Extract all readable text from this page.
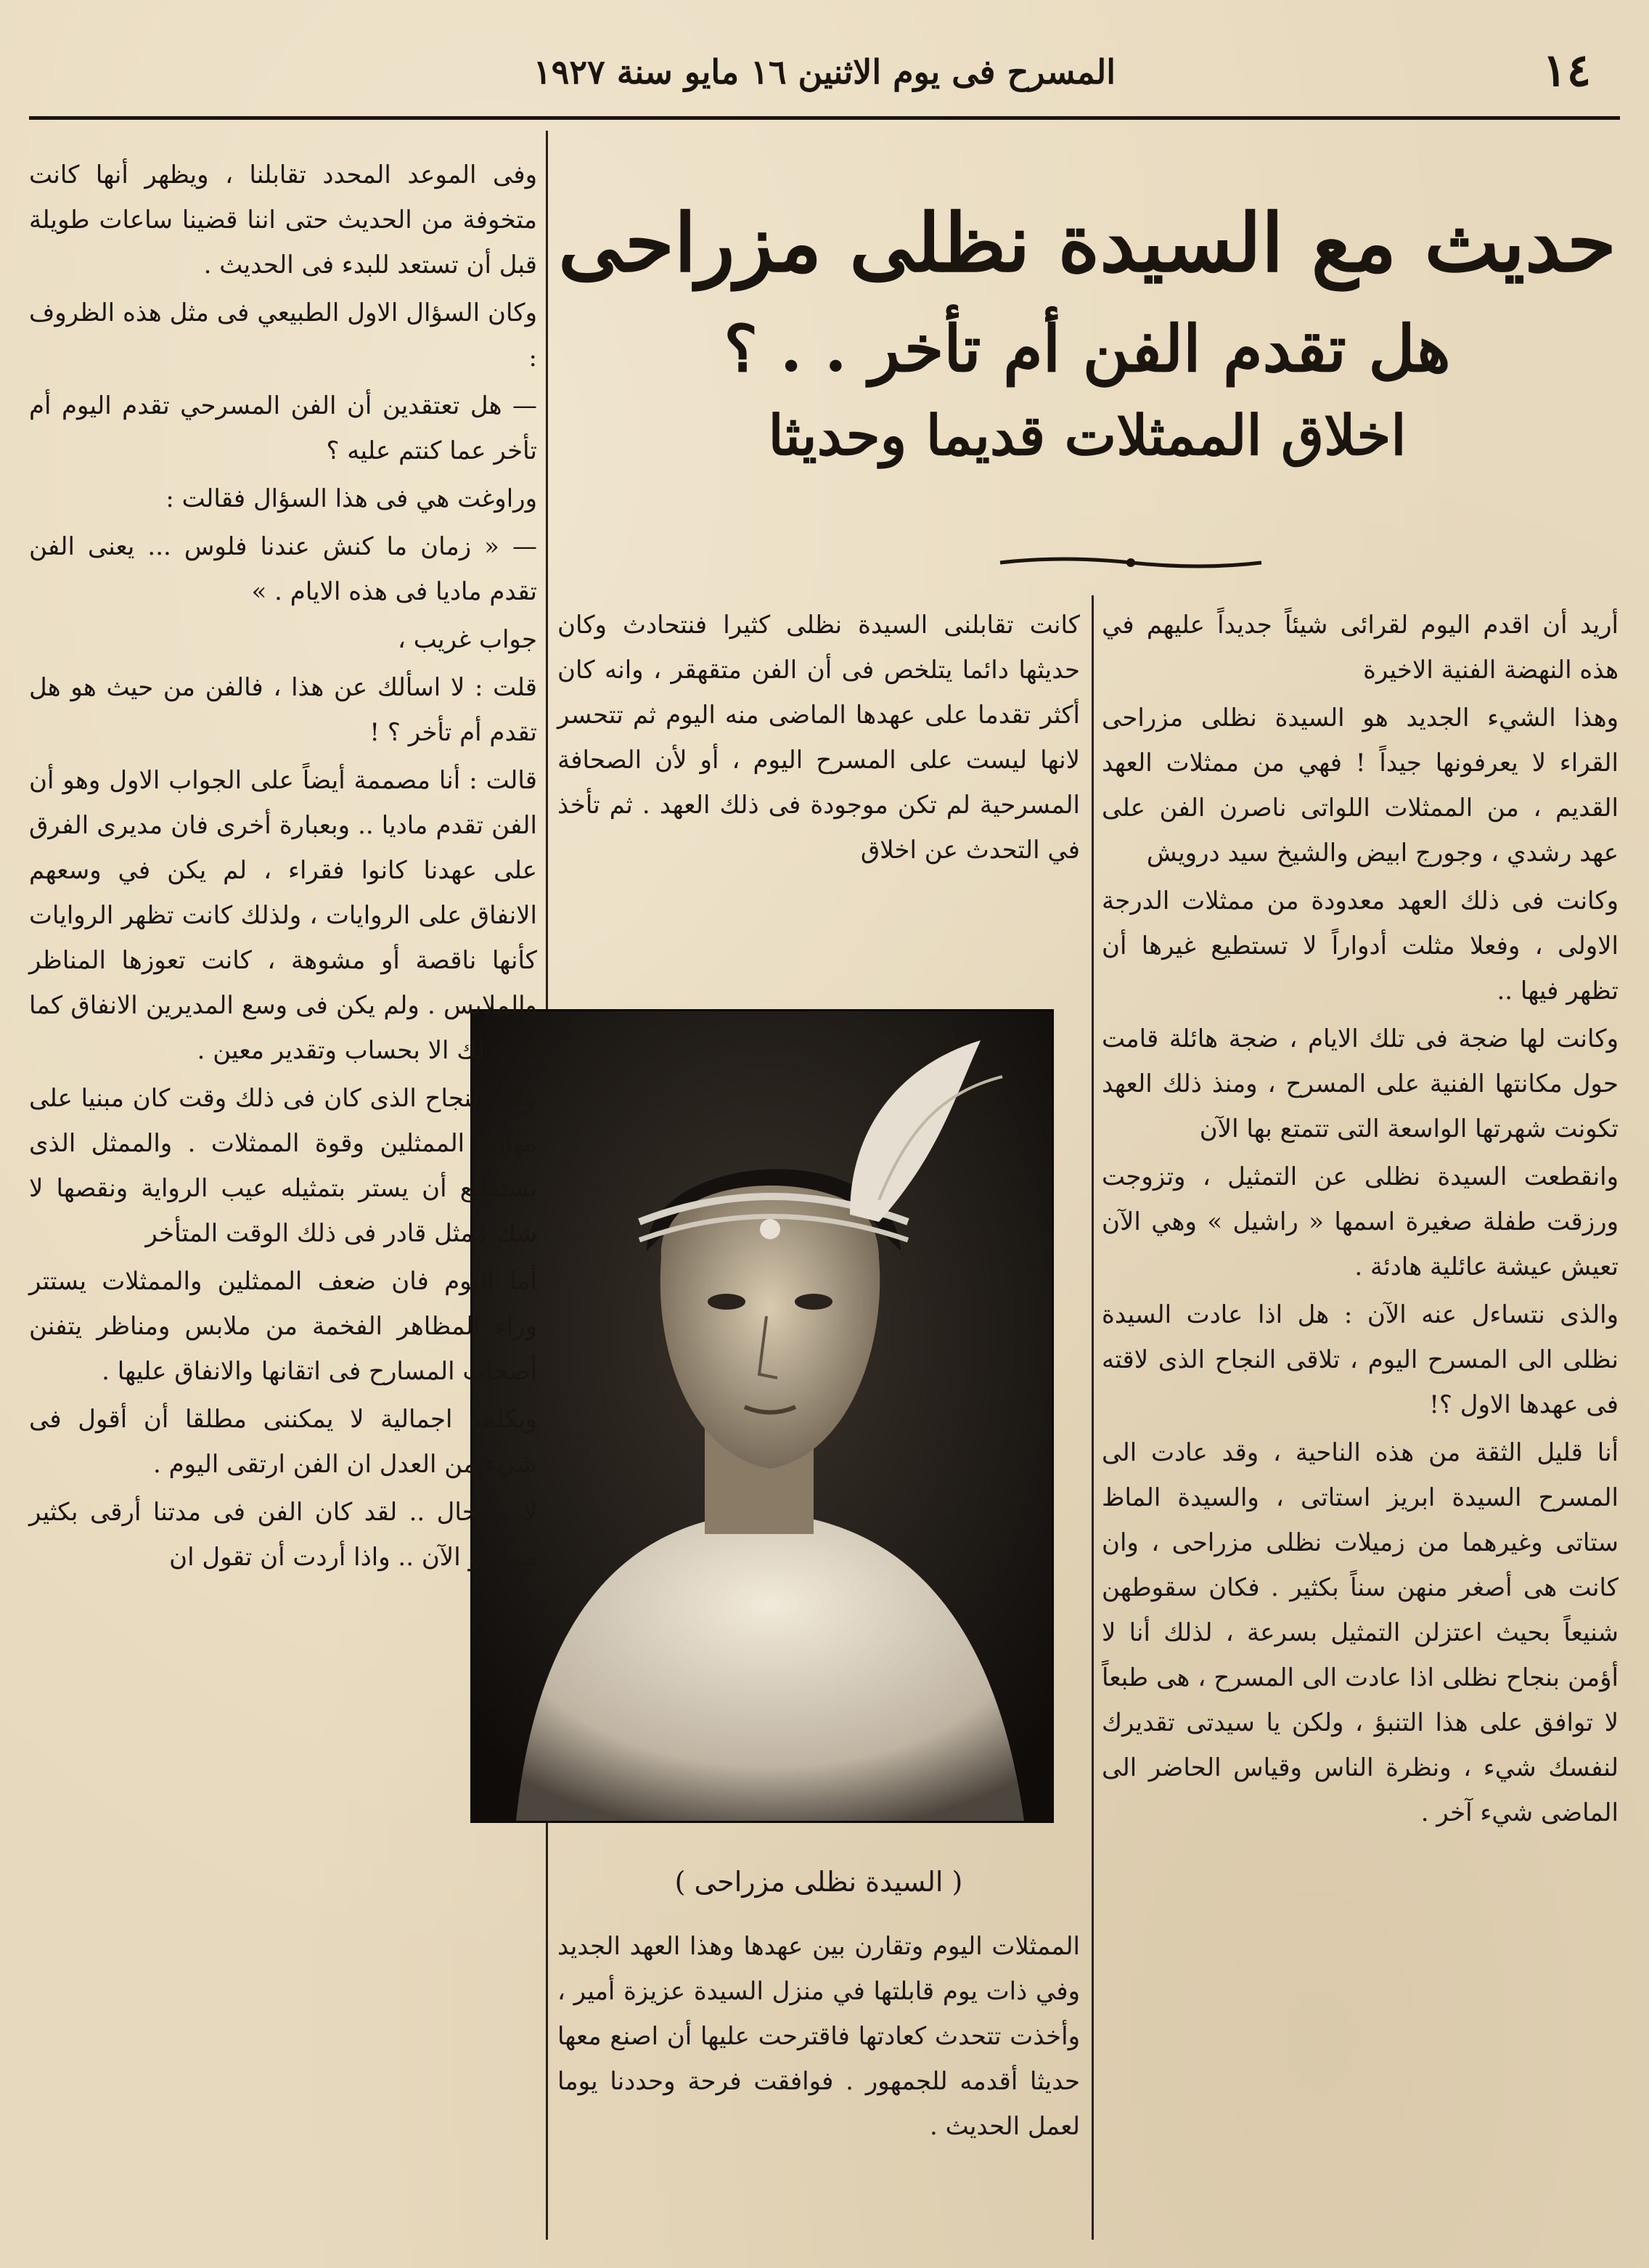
١٤
المسرح فى يوم الاثنين ١٦ مايو سنة ١٩٢٧
حديث مع السيدة نظلى مزراحى
هل تقدم الفن أم تأخر . . ؟
اخلاق الممثلات قديما وحديثا

أريد أن اقدم اليوم لقرائى شيئاً جديداً عليهم في هذه النهضة الفنية الاخيرة

وهذا الشيء الجديد هو السيدة نظلى مزراحى القراء لا يعرفونها جيداً ! فهي من ممثلات العهد القديم ، من الممثلات اللواتى ناصرن الفن على عهد رشدي ، وجورج ابيض والشيخ سيد درويش

وكانت فى ذلك العهد معدودة من ممثلات الدرجة الاولى ، وفعلا مثلت أدواراً لا تستطيع غيرها أن تظهر فيها ..

وكانت لها ضجة فى تلك الايام ، ضجة هائلة قامت حول مكانتها الفنية على المسرح ، ومنذ ذلك العهد تكونت شهرتها الواسعة التى تتمتع بها الآن

وانقطعت السيدة نظلى عن التمثيل ، وتزوجت ورزقت طفلة صغيرة اسمها « راشيل » وهي الآن تعيش عيشة عائلية هادئة .

والذى نتساءل عنه الآن : هل اذا عادت السيدة نظلى الى المسرح اليوم ، تلاقى النجاح الذى لاقته فى عهدها الاول ؟!

أنا قليل الثقة من هذه الناحية ، وقد عادت الى المسرح السيدة ابريز استاتى ، والسيدة الماظ ستاتى وغيرهما من زميلات نظلى مزراحى ، وان كانت هى أصغر منهن سناً بكثير . فكان سقوطهن شنيعاً بحيث اعتزلن التمثيل بسرعة ، لذلك أنا لا أؤمن بنجاح نظلى اذا عادت الى المسرح ، هى طبعاً لا توافق على هذا التنبؤ ، ولكن يا سيدتى تقديرك لنفسك شيء ، ونظرة الناس وقياس الحاضر الى الماضى شيء آخر .

كانت تقابلنى السيدة نظلى كثيرا فنتحادث وكان حديثها دائما يتلخص فى أن الفن متقهقر ، وانه كان أكثر تقدما على عهدها الماضى منه اليوم ثم تتحسر لانها ليست على المسرح اليوم ، أو لأن الصحافة المسرحية لم تكن موجودة فى ذلك العهد . ثم تأخذ في التحدث عن اخلاق

( السيدة نظلى مزراحى )

الممثلات اليوم وتقارن بين عهدها وهذا العهد الجديد وفي ذات يوم قابلتها في منزل السيدة عزيزة أمير ، وأخذت تتحدث كعادتها فاقترحت عليها أن اصنع معها حديثا أقدمه للجمهور . فوافقت فرحة وحددنا يوما لعمل الحديث .

وفى الموعد المحدد تقابلنا ، ويظهر أنها كانت متخوفة من الحديث حتى اننا قضينا ساعات طويلة قبل أن تستعد للبدء فى الحديث .

وكان السؤال الاول الطبيعي فى مثل هذه الظروف :

— هل تعتقدين أن الفن المسرحي تقدم اليوم أم تأخر عما كنتم عليه ؟

وراوغت هي فى هذا السؤال فقالت :

— « زمان ما كنش عندنا فلوس ... يعنى الفن تقدم ماديا فى هذه الايام . »

جواب غريب ،

قلت : لا اسألك عن هذا ، فالفن من حيث هو هل تقدم أم تأخر ؟ !

قالت : أنا مصممة أيضاً على الجواب الاول وهو أن الفن تقدم ماديا .. وبعبارة أخرى فان مديرى الفرق على عهدنا كانوا فقراء ، لم يكن في وسعهم الانفاق على الروايات ، ولذلك كانت تظهر الروايات كأنها ناقصة أو مشوهة ، كانت تعوزها المناظر والملابس . ولم يكن فى وسع المديرين الانفاق كما قلت لك الا بحساب وتقدير معين .

وكل النجاح الذى كان فى ذلك وقت كان مبنيا على مهارة الممثلين وقوة الممثلات . والممثل الذى يستطيع أن يستر بتمثيله عيب الرواية ونقصها لا شك ممثل قادر فى ذلك الوقت المتأخر

أما اليوم فان ضعف الممثلين والممثلات يستتر وراء المظاهر الفخمة من ملابس ومناظر يتفنن أصحاب المسارح فى اتقانها والانفاق عليها .

وبكلمة اجمالية لا يمكننى مطلقا أن أقول فى شيء من العدل ان الفن ارتقى اليوم .

لا . محال .. لقد كان الفن فى مدتنا أرقى بكثير مما هو الآن .. واذا أردت أن تقول ان
